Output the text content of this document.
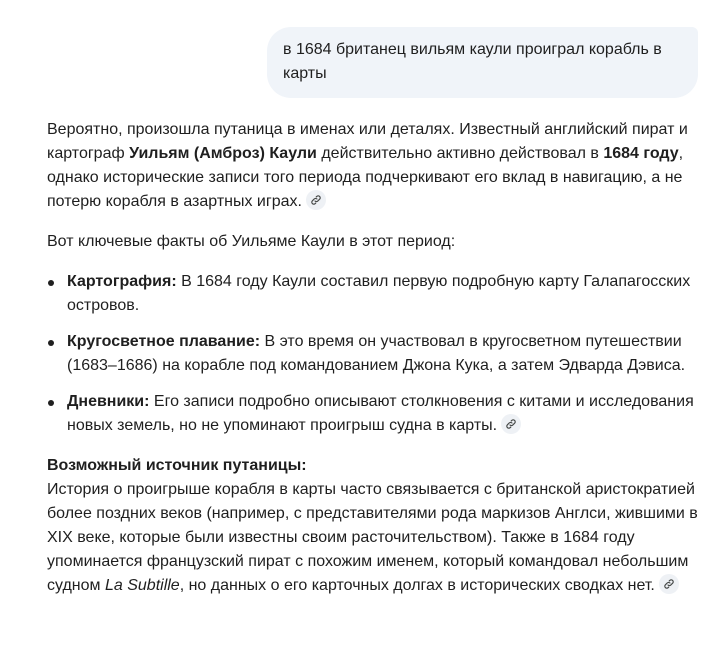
в 1684 британец вильям каули проиграл корабль в карты

Вероятно, произошла путаница в именах или деталях. Известный английский пират и картограф Уильям (Амброз) Каули действительно активно действовал в 1684 году, однако исторические записи того периода подчеркивают его вклад в навигацию, а не потерю корабля в азартных играх.

Вот ключевые факты об Уильяме Каули в этот период:

Картография: В 1684 году Каули составил первую подробную карту Галапагосских островов.
Кругосветное плавание: В это время он участвовал в кругосветном путешествии (1683–1686) на корабле под командованием Джона Кука, а затем Эдварда Дэвиса.
Дневники: Его записи подробно описывают столкновения с китами и исследования новых земель, но не упоминают проигрыш судна в карты.

Возможный источник путаницы:

История о проигрыше корабля в карты часто связывается с британской аристократией более поздних веков (например, с представителями рода маркизов Англси, жившими в XIX веке, которые были известны своим расточительством). Также в 1684 году упоминается французский пират с похожим именем, который командовал небольшим судном La Subtille, но данных о его карточных долгах в исторических сводках нет.
